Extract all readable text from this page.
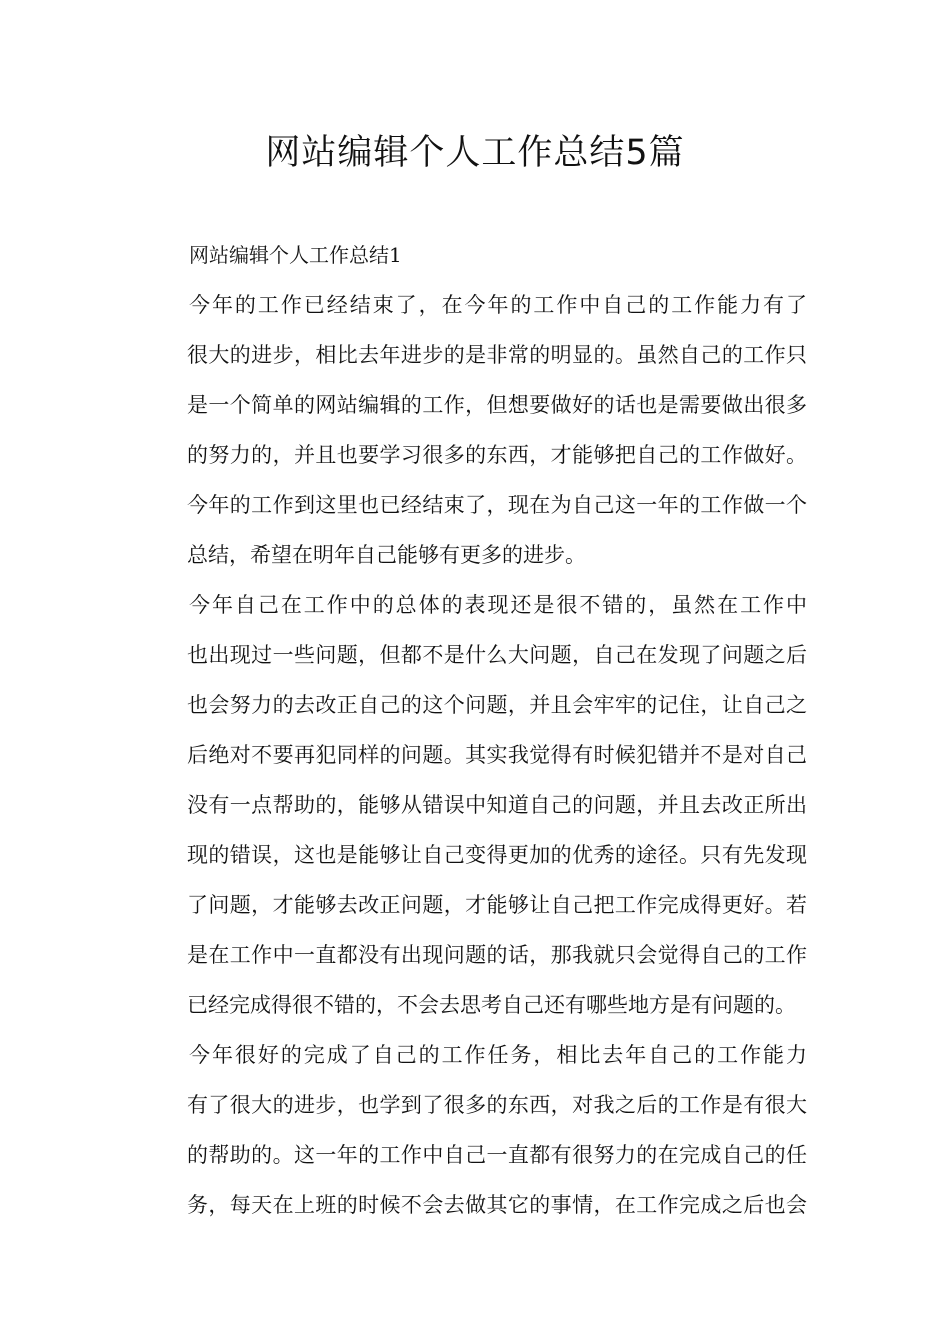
网站编辑个人工作总结5篇

网站编辑个人工作总结1

今年的工作已经结束了，在今年的工作中自己的工作能力有了
很大的进步，相比去年进步的是非常的明显的。虽然自己的工作只
是一个简单的网站编辑的工作，但想要做好的话也是需要做出很多
的努力的，并且也要学习很多的东西，才能够把自己的工作做好。
今年的工作到这里也已经结束了，现在为自己这一年的工作做一个
总结，希望在明年自己能够有更多的进步。

今年自己在工作中的总体的表现还是很不错的，虽然在工作中
也出现过一些问题，但都不是什么大问题，自己在发现了问题之后
也会努力的去改正自己的这个问题，并且会牢牢的记住，让自己之
后绝对不要再犯同样的问题。其实我觉得有时候犯错并不是对自己
没有一点帮助的，能够从错误中知道自己的问题，并且去改正所出
现的错误，这也是能够让自己变得更加的优秀的途径。只有先发现
了问题，才能够去改正问题，才能够让自己把工作完成得更好。若
是在工作中一直都没有出现问题的话，那我就只会觉得自己的工作
已经完成得很不错的，不会去思考自己还有哪些地方是有问题的。

今年很好的完成了自己的工作任务，相比去年自己的工作能力
有了很大的进步，也学到了很多的东西，对我之后的工作是有很大
的帮助的。这一年的工作中自己一直都有很努力的在完成自己的任
务，每天在上班的时候不会去做其它的事情，在工作完成之后也会
